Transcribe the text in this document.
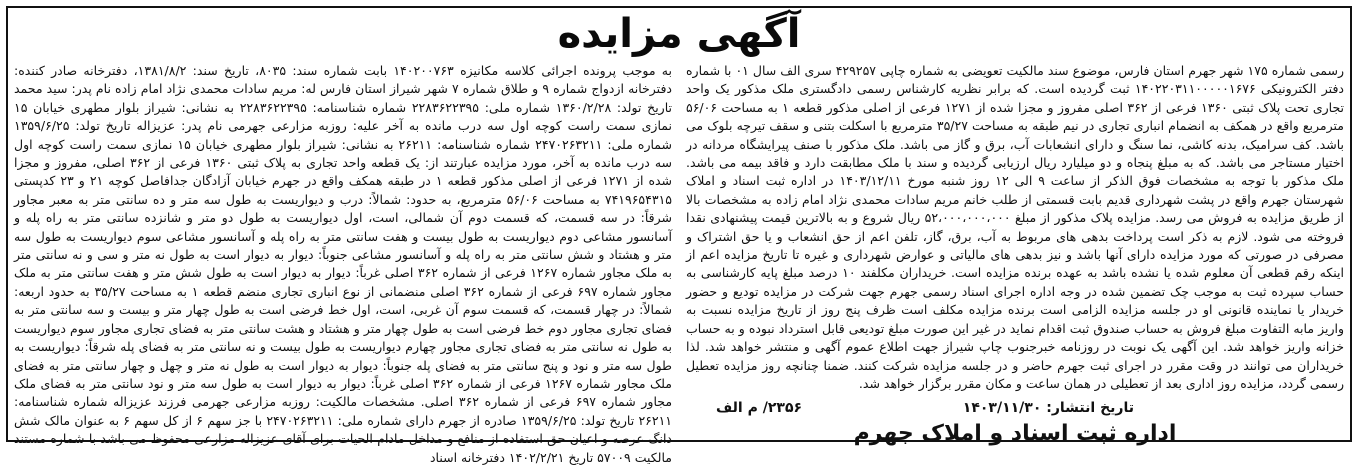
آگهی مزایده

به موجب پرونده اجرائی کلاسه مکانیزه ۱۴۰۲۰۰۷۶۳ بابت شماره سند: ۸۰۳۵، تاریخ سند: ۱۳۸۱/۸/۲، دفترخانه صادر کننده: دفترخانه ازدواج شماره ۹ و طلاق شماره ۷ شهر شیراز استان فارس له: مریم سادات محمدی نژاد امام زاده نام پدر: سید محمد تاریخ تولد: ۱۳۶۰/۲/۲۸ شماره ملی: ۲۲۸۳۶۲۲۳۹۵ شماره شناسنامه: ۲۲۸۳۶۲۲۳۹۵ به نشانی: شیراز بلوار مطهری خیابان ۱۵ نمازی سمت راست کوچه اول سه درب مانده به آخر علیه: روزبه مزارعی جهرمی نام پدر: عزیزاله تاریخ تولد: ۱۳۵۹/۶/۲۵ شماره ملی: ۲۴۷۰۲۶۳۲۱۱ شماره شناسنامه: ۲۶۲۱۱ به نشانی: شیراز بلوار مطهری خیابان ۱۵ نمازی سمت راست کوچه اول سه درب مانده به آخر، مورد مزایده عبارتند از: یک قطعه واحد تجاری به پلاک ثبتی ۱۳۶۰ فرعی از ۳۶۲ اصلی، مفروز و مجزا شده از ۱۲۷۱ فرعی از اصلی مذکور قطعه ۱ در طبقه همکف واقع در جهرم خیابان آزادگان جدافاصل کوچه ۲۱ و ۲۳ کدپستی ۷۴۱۹۶۵۴۳۱۵ به مساحت ۵۶/۰۶ مترمربع، به حدود: شمالاً: درب و دیواریست به طول سه متر و ده سانتی متر به معبر مجاور شرقاً: در سه قسمت، که قسمت دوم آن شمالی، است، اول دیواریست به طول دو متر و شانزده سانتی متر به راه پله و آسانسور مشاعی دوم دیواریست به طول بیست و هفت سانتی متر به راه پله و آسانسور مشاعی سوم دیواریست به طول سه متر و هشتاد و شش سانتی متر به راه پله و آسانسور مشاعی جنوباً: دیوار به دیوار است به طول نه متر و سی و نه سانتی متر به ملک مجاور شماره ۱۲۶۷ فرعی از شماره ۳۶۲ اصلی غرباً: دیوار به دیوار است به طول شش متر و هفت سانتی متر به ملک مجاور شماره ۶۹۷ فرعی از شماره ۳۶۲ اصلی منضمانی از نوع انباری تجاری منضم قطعه ۱ به مساحت ۳۵/۲۷ به حدود اربعه: شمالاً: در چهار قسمت، که قسمت سوم آن غربی، است، اول خط فرضی است به طول چهار متر و بیست و سه سانتی متر به فضای تجاری مجاور دوم خط فرضی است به طول چهار متر و هشتاد و هشت سانتی متر به فضای تجاری مجاور سوم دیواریست به طول نه سانتی متر به فضای تجاری مجاور چهارم دیواریست به طول بیست و نه سانتی متر به فضای پله شرقاً: دیواریست به طول سه متر و نود و پنج سانتی متر به فضای پله جنوباً: دیوار به دیوار است به طول نه متر و چهل و چهار سانتی متر به فضای ملک مجاور شماره ۱۲۶۷ فرعی از شماره ۳۶۲ اصلی غرباً: دیوار به دیوار است به طول سه متر و نود سانتی متر به فضای ملک مجاور شماره ۶۹۷ فرعی از شماره ۳۶۲ اصلی. مشخصات مالکیت: روزبه مزارعی جهرمی فرزند عزیزاله شماره شناسنامه: ۲۶۲۱۱ تاریخ تولد: ۱۳۵۹/۶/۲۵ صادره از جهرم دارای شماره ملی: ۲۴۷۰۲۶۳۲۱۱ با جز سهم ۶ از کل سهم ۶ به عنوان مالک شش دانگ عرصه و اعیان حق استفاده از منافع و مداخل مادام الحیات برای آقای عزیزاله مزارعی محفوظ می باشد با شماره مستند مالکیت ۵۷۰۰۹ تاریخ ۱۴۰۲/۲/۲۱ دفترخانه اسناد

رسمی شماره ۱۷۵ شهر جهرم استان فارس، موضوع سند مالکیت تعویضی به شماره چاپی ۴۲۹۲۵۷ سری الف سال ۰۱ با شماره دفتر الکترونیکی ۱۴۰۲۲۰۳۱۱۰۰۰۰۰۱۶۷۶ ثبت گردیده است. که برابر نظریه کارشناس رسمی دادگستری ملک مذکور یک واحد تجاری تحت پلاک ثبتی ۱۳۶۰ فرعی از ۳۶۲ اصلی مفروز و مجزا شده از ۱۲۷۱ فرعی از اصلی مذکور قطعه ۱ به مساحت ۵۶/۰۶ مترمربع واقع در همکف به انضمام انباری تجاری در نیم طبقه به مساحت ۳۵/۲۷ مترمربع با اسکلت بتنی و سقف تیرچه بلوک می باشد. کف سرامیک، بدنه کاشی، نما سنگ و دارای انشعابات آب، برق و گاز می باشد. ملک مذکور با صنف پیرایشگاه مردانه در اختیار مستاجر می باشد. که به مبلغ پنجاه و دو میلیارد ریال ارزیابی گردیده و سند با ملک مطابقت دارد و فاقد بیمه می باشد. ملک مذکور با توجه به مشخصات فوق الذکر از ساعت ۹ الی ۱۲ روز شنبه مورخ ۱۴۰۳/۱۲/۱۱ در اداره ثبت اسناد و املاک شهرستان جهرم واقع در پشت شهرداری قدیم بابت قسمتی از طلب خانم مریم سادات محمدی نژاد امام زاده به مشخصات بالا از طریق مزایده به فروش می رسد. مزایده پلاک مذکور از مبلغ ۵۲،۰۰۰،۰۰۰،۰۰۰ ریال شروع و به بالاترین قیمت پیشنهادی نقدا فروخته می شود. لازم به ذکر است پرداخت بدهی های مربوط به آب، برق، گاز، تلفن اعم از حق انشعاب و یا حق اشتراک و مصرفی در صورتی که مورد مزایده دارای آنها باشد و نیز بدهی های مالیاتی و عوارض شهرداری و غیره تا تاریخ مزایده اعم از اینکه رقم قطعی آن معلوم شده یا نشده باشد به عهده برنده مزایده است. خریداران مکلفند ۱۰ درصد مبلغ پایه کارشناسی به حساب سپرده ثبت به موجب چک تضمین شده در وجه اداره اجرای اسناد رسمی جهرم جهت شرکت در مزایده تودیع و حضور خریدار یا نماینده قانونی او در جلسه مزایده الزامی است برنده مزایده مکلف است ظرف پنج روز از تاریخ مزایده نسبت به واریز مابه التفاوت مبلغ فروش به حساب صندوق ثبت اقدام نماید در غیر این صورت مبلغ تودیعی قابل استرداد نبوده و به حساب خزانه واریز خواهد شد. این آگهی یک نوبت در روزنامه خبرجنوب چاپ شیراز جهت اطلاع عموم آگهی و منتشر خواهد شد. لذا خریداران می توانند در وقت مقرر در اجرای ثبت جهرم حاضر و در جلسه مزایده شرکت کنند. ضمنا چنانچه روز مزایده تعطیل رسمی گردد، مزایده روز اداری بعد از تعطیلی در همان ساعت و مکان مقرر برگزار خواهد شد.

تاریخ انتشار: ۱۴۰۳/۱۱/۳۰
۲۳۵۶/ م الف
اداره ثبت اسناد و املاک جهرم
